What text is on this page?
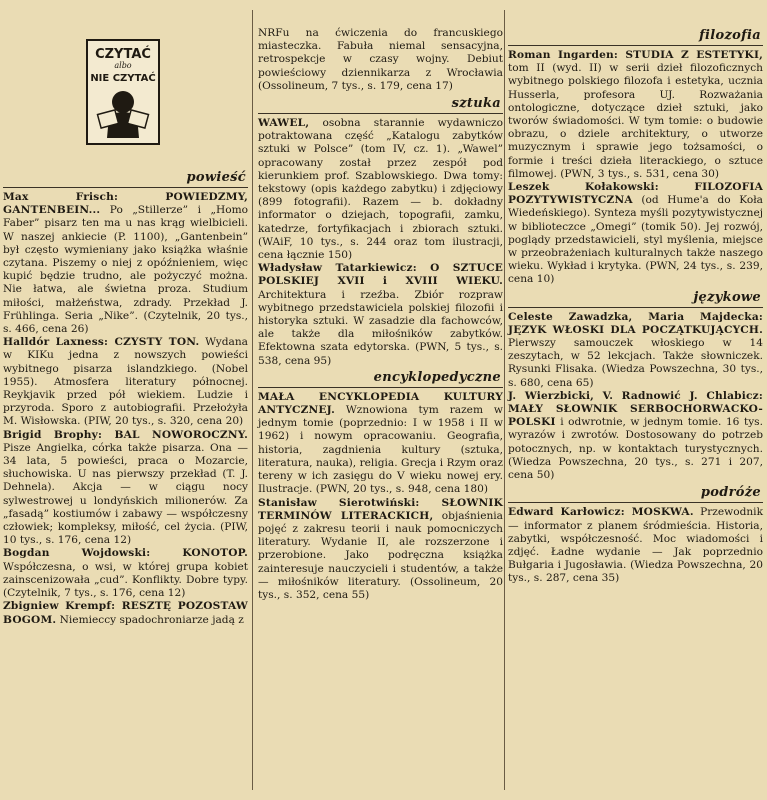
CZYTAĆ
albo
NIE CZYTAĆ
powieść

Max Frisch: POWIEDZMY, GANTENBEIN... Po „Stillerze” i „Homo Faber” pisarz ten ma u nas krąg wielbicieli. W naszej ankiecie (P. 1100), „Gantenbein” był często wymieniany jako książka właśnie czytana. Piszemy o niej z opóźnieniem, więc kupić będzie trudno, ale pożyczyć można. Nie łatwa, ale świetna proza. Studium miłości, małżeństwa, zdrady. Przekład J. Frühlinga. Seria „Nike”. (Czytelnik, 20 tys., s. 466, cena 26)

Halldór Laxness: CZYSTY TON. Wydana w KIKu jedna z nowszych powieści wybitnego pisarza islandzkiego. (Nobel 1955). Atmosfera literatury północnej. Reykjavik przed pół wiekiem. Ludzie i przyroda. Sporo z autobiografii. Przełożyła M. Wisłowska. (PIW, 20 tys., s. 320, cena 20)

Brigid Brophy: BAL NOWOROCZNY. Pisze Angielka, córka także pisarza. Ona — 34 lata, 5 powieści, praca o Mozarcie, słuchowiska. U nas pierwszy przekład (T. J. Dehnela). Akcja — w ciągu nocy sylwestrowej u londyńskich milionerów. Za „fasadą” kostiumów i zabawy — współczesny człowiek; kompleksy, miłość, cel życia. (PIW, 10 tys., s. 176, cena 12)

Bogdan Wojdowski: KONOTOP. Współczesna, o wsi, w której grupa kobiet zainscenizowała „cud”. Konflikty. Dobre typy. (Czytelnik, 7 tys., s. 176, cena 12)

Zbigniew Krempf: RESZTĘ POZOSTAW BOGOM. Niemieccy spadochroniarze jadą z

NRFu na ćwiczenia do francuskiego miasteczka. Fabuła niemal sensacyjna, retrospekcje w czasy wojny. Debiut powieściowy dziennikarza z Wrocławia (Ossolineum, 7 tys., s. 179, cena 17)

sztuka

WAWEL, osobna starannie wydawniczo potraktowana część „Katalogu zabytków sztuki w Polsce” (tom IV, cz. 1). „Wawel” opracowany został przez zespół pod kierunkiem prof. Szablowskiego. Dwa tomy: tekstowy (opis każdego zabytku) i zdjęciowy (899 fotografii). Razem — b. dokładny informator o dziejach, topografii, zamku, katedrze, fortyfikacjach i zbiorach sztuki. (WAiF, 10 tys., s. 244 oraz tom ilustracji, cena łącznie 150)

Władysław Tatarkiewicz: O SZTUCE POLSKIEJ XVII i XVIII WIEKU. Architektura i rzeźba. Zbiór rozpraw wybitnego przedstawiciela polskiej filozofii i historyka sztuki. W zasadzie dla fachowców, ale także dla miłośników zabytków. Efektowna szata edytorska. (PWN, 5 tys., s. 538, cena 95)

encyklopedyczne

MAŁA ENCYKLOPEDIA KULTURY ANTYCZNEJ. Wznowiona tym razem w jednym tomie (poprzednio: I w 1958 i II w 1962) i nowym opracowaniu. Geografia, historia, zagdnienia kultury (sztuka, literatura, nauka), religia. Grecja i Rzym oraz tereny w ich zasięgu do V wieku nowej ery. Ilustracje. (PWN, 20 tys., s. 948, cena 180)

Stanisław Sierotwiński: SŁOWNIK TERMINÓW LITERACKICH, objaśnienia pojęć z zakresu teorii i nauk pomocniczych literatury. Wydanie II, ale rozszerzone i przerobione. Jako podręczna książka zainteresuje nauczycieli i studentów, a także — miłośników literatury. (Ossolineum, 20 tys., s. 352, cena 55)

filozofia

Roman Ingarden: STUDIA Z ESTETYKI, tom II (wyd. II) w serii dzieł filozoficznych wybitnego polskiego filozofa i estetyka, ucznia Husserla, profesora UJ. Rozważania ontologiczne, dotyczące dzieł sztuki, jako tworów świadomości. W tym tomie: o budowie obrazu, o dziele architektury, o utworze muzycznym i sprawie jego tożsamości, o formie i treści dzieła literackiego, o sztuce filmowej. (PWN, 3 tys., s. 531, cena 30)

Leszek Kołakowski: FILOZOFIA POZYTYWISTYCZNA (od Hume'a do Koła Wiedeńskiego). Synteza myśli pozytywistycznej w biblioteczce „Omegi” (tomik 50). Jej rozwój, poglądy przedstawicieli, styl myślenia, miejsce w przeobrażeniach kulturalnych także naszego wieku. Wykład i krytyka. (PWN, 24 tys., s. 239, cena 10)

językowe

Celeste Zawadzka, Maria Majdecka: JĘZYK WŁOSKI DLA POCZĄTKUJĄCYCH. Pierwszy samouczek włoskiego w 14 zeszytach, w 52 lekcjach. Także słowniczek. Rysunki Flisaka. (Wiedza Powszechna, 30 tys., s. 680, cena 65)

J. Wierzbicki, V. Radnowić J. Chlabicz: MAŁY SŁOWNIK SERBOCHORWACKO-POLSKI i odwrotnie, w jednym tomie. 16 tys. wyrazów i zwrotów. Dostosowany do potrzeb potocznych, np. w kontaktach turystycznych. (Wiedza Powszechna, 20 tys., s. 271 i 207, cena 50)

podróże

Edward Karłowicz: MOSKWA. Przewodnik — informator z planem śródmieścia. Historia, zabytki, współczesność. Moc wiadomości i zdjęć. Ładne wydanie — Jak poprzednio Bułgaria i Jugosławia. (Wiedza Powszechna, 20 tys., s. 287, cena 35)
